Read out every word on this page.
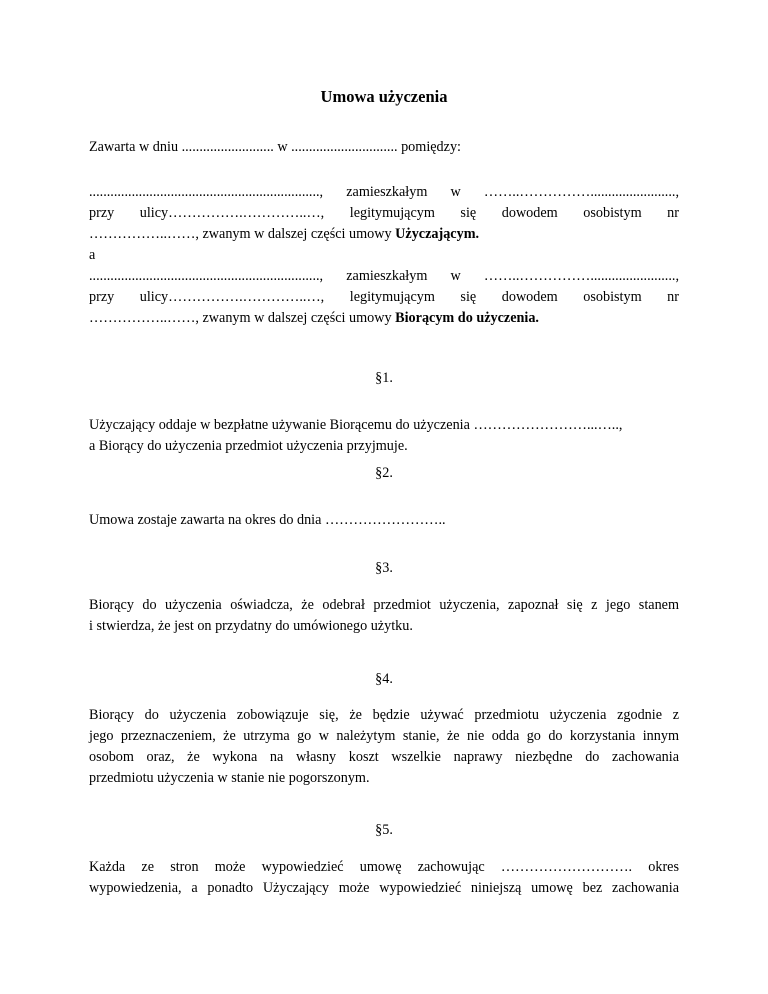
Umowa użyczenia

Zawarta w dniu .......................... w .............................. pomiędzy:

................................................................., zamieszkałym w ……..……………........................,

przy ulicy…………….…………..…, legitymującym się dowodem osobistym nr

……………..……, zwanym w dalszej części umowy Użyczającym.

a

................................................................., zamieszkałym w ……..……………........................,

przy ulicy…………….…………..…, legitymującym się dowodem osobistym nr

……………..……, zwanym w dalszej części umowy Biorącym do użyczenia.

§1.

Użyczający oddaje w bezpłatne używanie Biorącemu do użyczenia ……………………...…..,

a Biorący do użyczenia przedmiot użyczenia przyjmuje.

§2.

Umowa zostaje zawarta na okres do dnia ……………………..

§3.

Biorący do użyczenia oświadcza, że odebrał przedmiot użyczenia, zapoznał się z jego stanem

i stwierdza, że jest on przydatny do umówionego użytku.

§4.

Biorący do użyczenia zobowiązuje się, że będzie używać przedmiotu użyczenia zgodnie z

jego przeznaczeniem, że utrzyma go w należytym stanie, że nie odda go do korzystania innym

osobom oraz, że wykona na własny koszt wszelkie naprawy niezbędne do zachowania

przedmiotu użyczenia w stanie nie pogorszonym.

§5.

Każda ze stron może wypowiedzieć umowę zachowując ………………………. okres

wypowiedzenia, a ponadto Użyczający może wypowiedzieć niniejszą umowę bez zachowania
